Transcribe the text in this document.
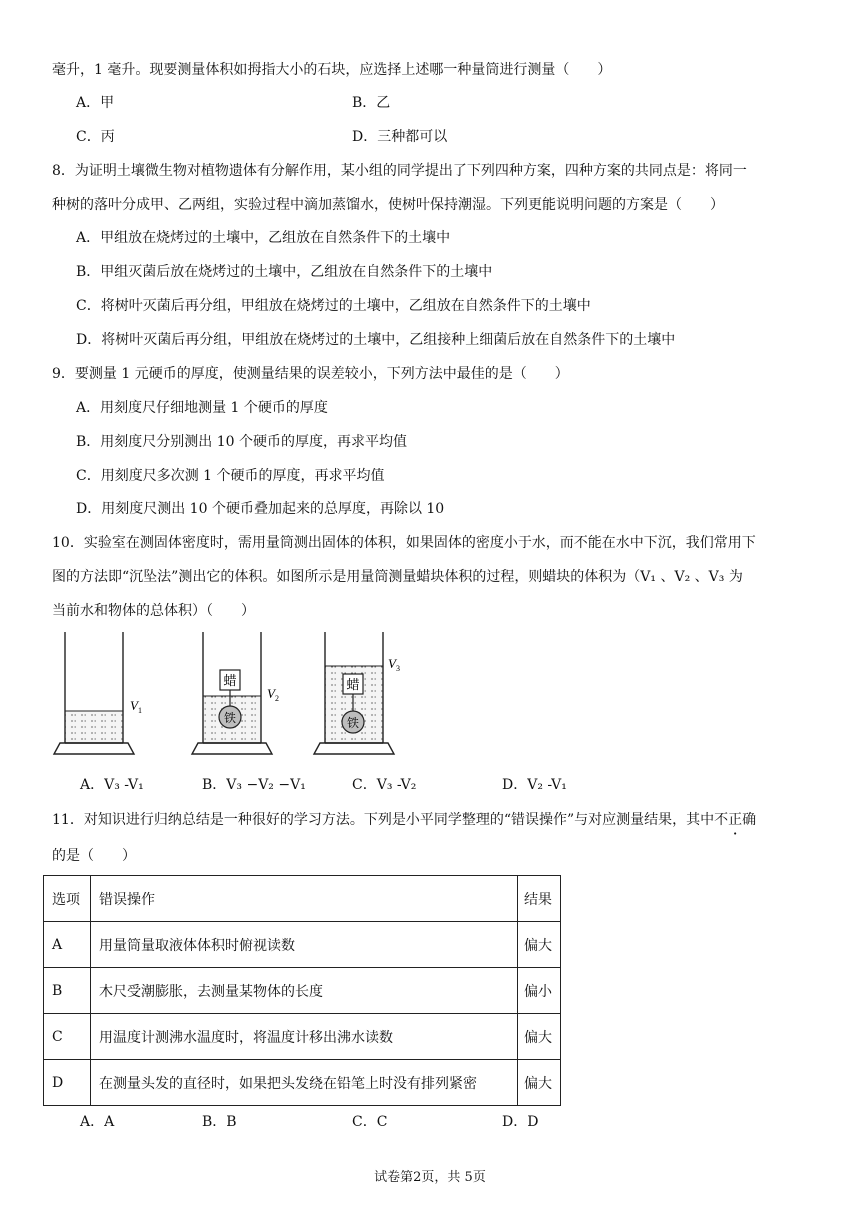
毫升，1 毫升。现要测量体积如拇指大小的石块，应选择上述哪一种量筒进行测量（　　）
A．甲	B．乙
C．丙	D．三种都可以
8．为证明土壤微生物对植物遗体有分解作用，某小组的同学提出了下列四种方案，四种方案的共同点是：将同一
种树的落叶分成甲、乙两组，实验过程中滴加蒸馏水，使树叶保持潮湿。下列更能说明问题的方案是（　　）
A．甲组放在烧烤过的土壤中，乙组放在自然条件下的土壤中
B．甲组灭菌后放在烧烤过的土壤中，乙组放在自然条件下的土壤中
C．将树叶灭菌后再分组，甲组放在烧烤过的土壤中，乙组放在自然条件下的土壤中
D．将树叶灭菌后再分组，甲组放在烧烤过的土壤中，乙组接种上细菌后放在自然条件下的土壤中
9．要测量 1 元硬币的厚度，使测量结果的误差较小，下列方法中最佳的是（　　）
A．用刻度尺仔细地测量 1 个硬币的厚度
B．用刻度尺分别测出 10 个硬币的厚度，再求平均值
C．用刻度尺多次测 1 个硬币的厚度，再求平均值
D．用刻度尺测出 10 个硬币叠加起来的总厚度，再除以 10
10．实验室在测固体密度时，需用量筒测出固体的体积，如果固体的密度小于水，而不能在水中下沉，我们常用下
图的方法即“沉坠法”测出它的体积。如图所示是用量筒测量蜡块体积的过程，则蜡块的体积为（V₁ 、V₂ 、V₃ 为
当前水和物体的总体积）（　　）
$V_1$
蜡
铁
$V_2$
蜡
铁
$V_3$
A．V₃ -V₁	B．V₃ −V₂ −V₁	C．V₃ -V₂	D．V₂ -V₁
11．对知识进行归纳总结是一种很好的学习方法。下列是小平同学整理的“错误操作”与对应测量结果，其中不正确
的是（　　）
选项	错误操作	结果
A	用量筒量取液体体积时俯视读数	偏大
B	木尺受潮膨胀，去测量某物体的长度	偏小
C	用温度计测沸水温度时，将温度计移出沸水读数	偏大
D	在测量头发的直径时，如果把头发绕在铅笔上时没有排列紧密	偏大
A．A	B．B	C．C	D．D
试卷第2页，共 5页
